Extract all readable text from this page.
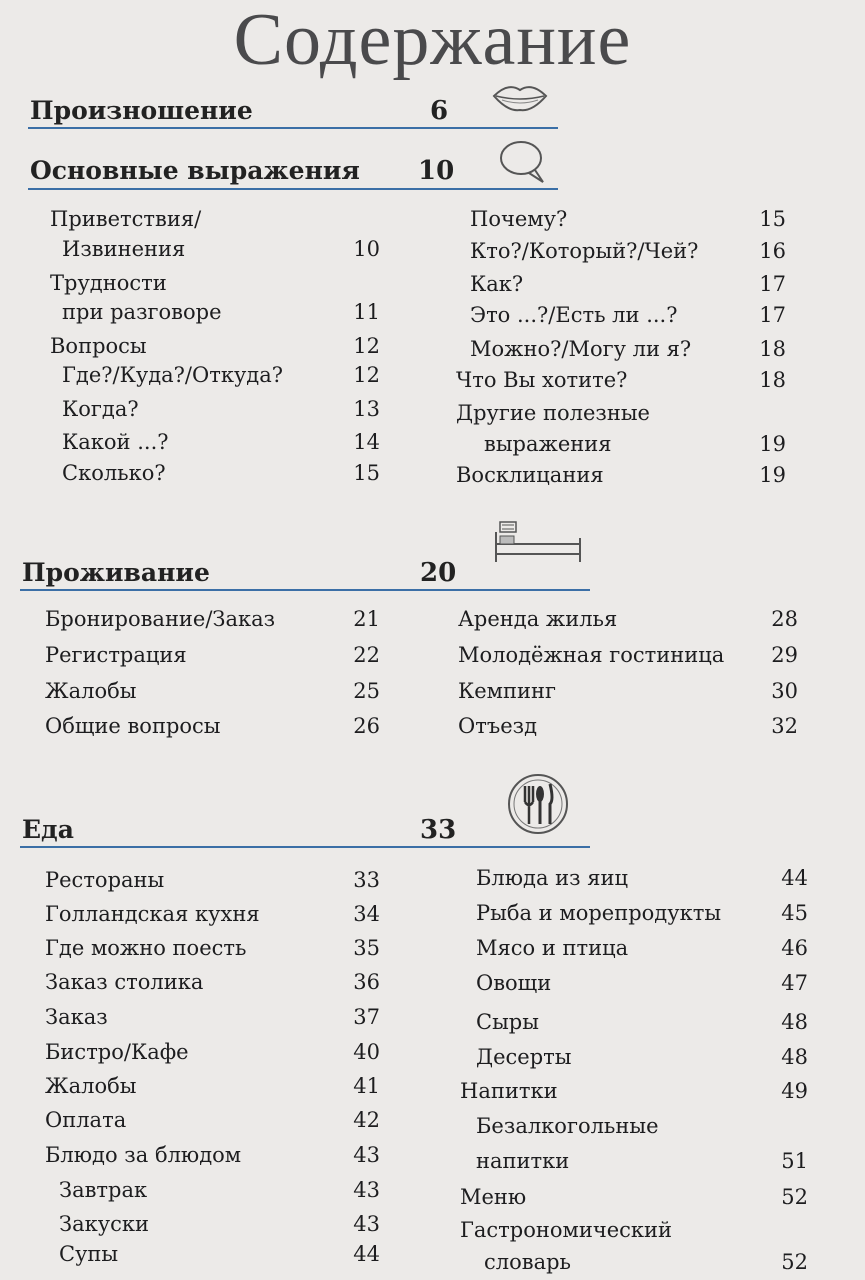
Содержание
Произношение	6
Основные выражения 10
Приветствия/
Извинения	10
Трудности
при разговоре	11
Вопросы	12
Где?/Куда?/Откуда?	12
Когда?	13
Какой ...?	14
Сколько?	15
Почему?	15
Кто?/Который?/Чей?	16
Как?	17
Это ...?/Есть ли ...?	17
Можно?/Могу ли я?	18
Что Вы хотите?	18
Другие полезные
выражения	19
Восклицания	19
Проживание	20
Бронирование/Заказ	21
Регистрация	22
Жалобы	25
Общие вопросы	26
Аренда жилья	28
Молодёжная гостиница 29
Кемпинг	30
Отъезд	32
Еда	33
Рестораны	33
Голландская кухня	34
Где можно поесть	35
Заказ столика	36
Заказ	37
Бистро/Кафе	40
Жалобы	41
Оплата	42
Блюдо за блюдом	43
Завтрак	43
Закуски	43
Супы	44
Блюда из яиц	44
Рыба и морепродукты	45
Мясо и птица	46
Овощи	47
Сыры	48
Десерты	48
Напитки	49
Безалкогольные
напитки	51
Меню	52
Гастрономический
словарь	52
